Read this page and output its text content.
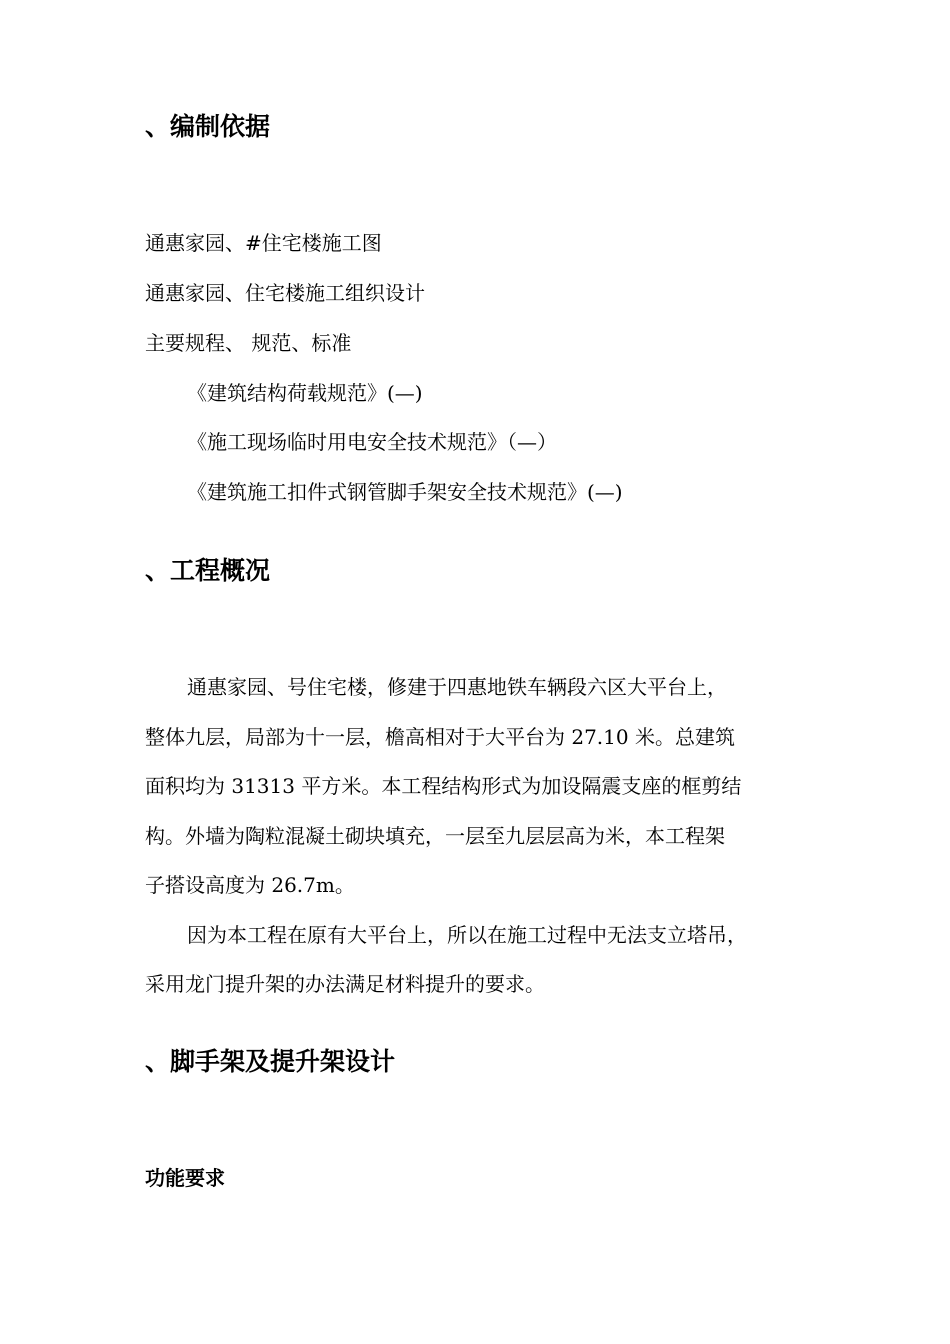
、编制依据

通惠家园、#住宅楼施工图

通惠家园、住宅楼施工组织设计

主要规程、 规范、标准

《建筑结构荷载规范》(—)

《施工现场临时用电安全技术规范》（—）

《建筑施工扣件式钢管脚手架安全技术规范》(—)

、工程概况

通惠家园、号住宅楼，修建于四惠地铁车辆段六区大平台上，

整体九层，局部为十一层，檐高相对于大平台为 27.10 米。总建筑

面积均为 31313 平方米。本工程结构形式为加设隔震支座的框剪结

构。外墙为陶粒混凝土砌块填充，一层至九层层高为米，本工程架

子搭设高度为 26.7m。

因为本工程在原有大平台上，所以在施工过程中无法支立塔吊，

采用龙门提升架的办法满足材料提升的要求。

、脚手架及提升架设计
功能要求
